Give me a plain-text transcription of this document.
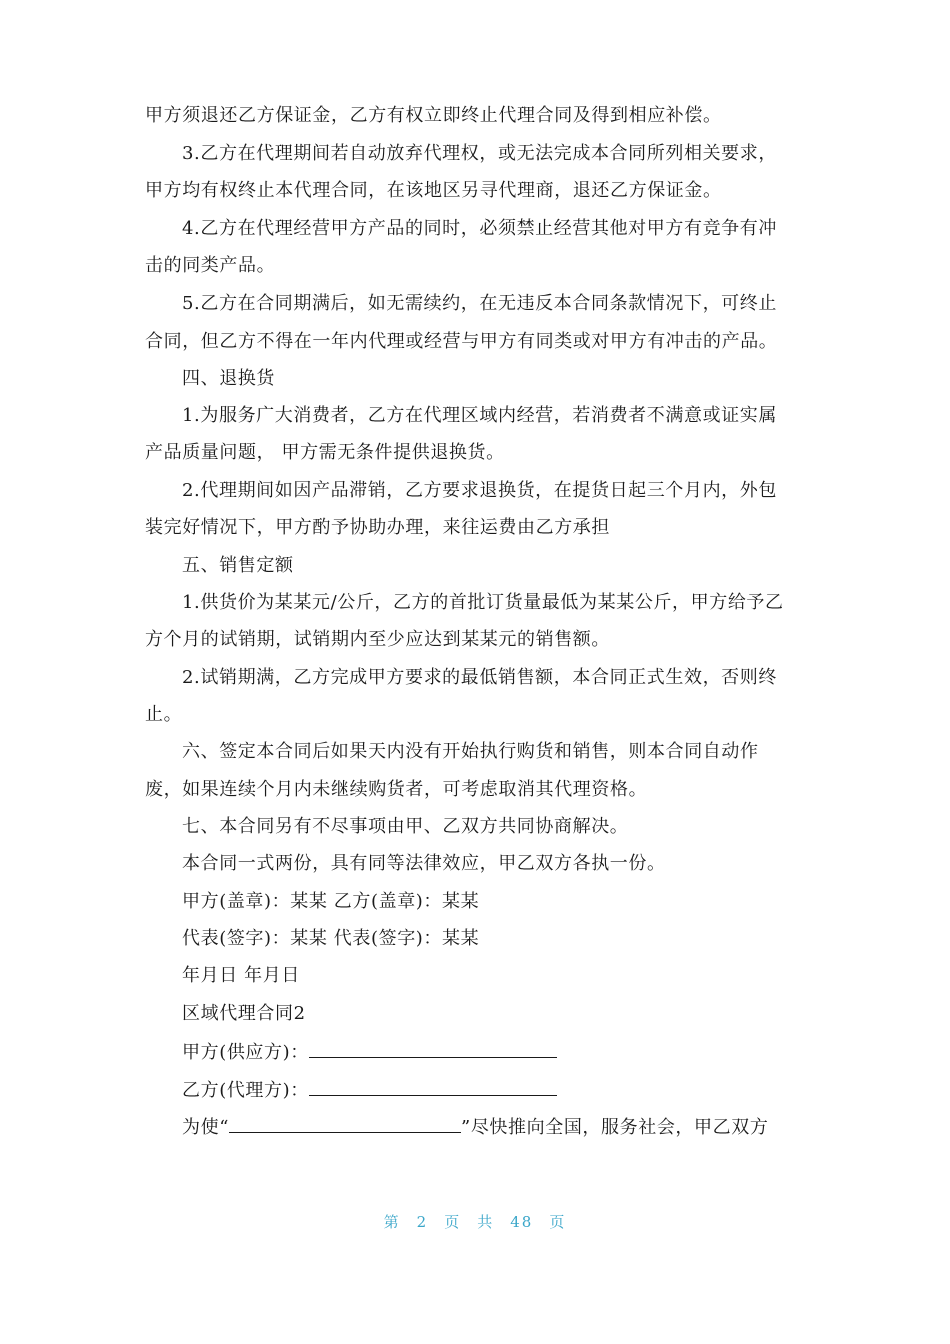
甲方须退还乙方保证金，乙方有权立即终止代理合同及得到相应补偿。
3.乙方在代理期间若自动放弃代理权，或无法完成本合同所列相关要求，
甲方均有权终止本代理合同，在该地区另寻代理商，退还乙方保证金。
4.乙方在代理经营甲方产品的同时，必须禁止经营其他对甲方有竞争有冲
击的同类产品。
5.乙方在合同期满后，如无需续约，在无违反本合同条款情况下，可终止
合同，但乙方不得在一年内代理或经营与甲方有同类或对甲方有冲击的产品。
四、退换货
1.为服务广大消费者，乙方在代理区域内经营，若消费者不满意或证实属
产品质量问题， 甲方需无条件提供退换货。
2.代理期间如因产品滞销，乙方要求退换货，在提货日起三个月内，外包
装完好情况下，甲方酌予协助办理，来往运费由乙方承担
五、销售定额
1.供货价为某某元/公斤，乙方的首批订货量最低为某某公斤，甲方给予乙
方个月的试销期，试销期内至少应达到某某元的销售额。
2.试销期满，乙方完成甲方要求的最低销售额，本合同正式生效，否则终
止。
六、签定本合同后如果天内没有开始执行购货和销售，则本合同自动作
废，如果连续个月内未继续购货者，可考虑取消其代理资格。
七、本合同另有不尽事项由甲、乙双方共同协商解决。
本合同一式两份，具有同等法律效应，甲乙双方各执一份。
甲方(盖章)：某某 乙方(盖章)：某某
代表(签字)：某某 代表(签字)：某某
年月日 年月日
区域代理合同2
甲方(供应方)：
乙方(代理方)：
为使“	”尽快推向全国，服务社会，甲乙双方
第 2 页 共 48 页
